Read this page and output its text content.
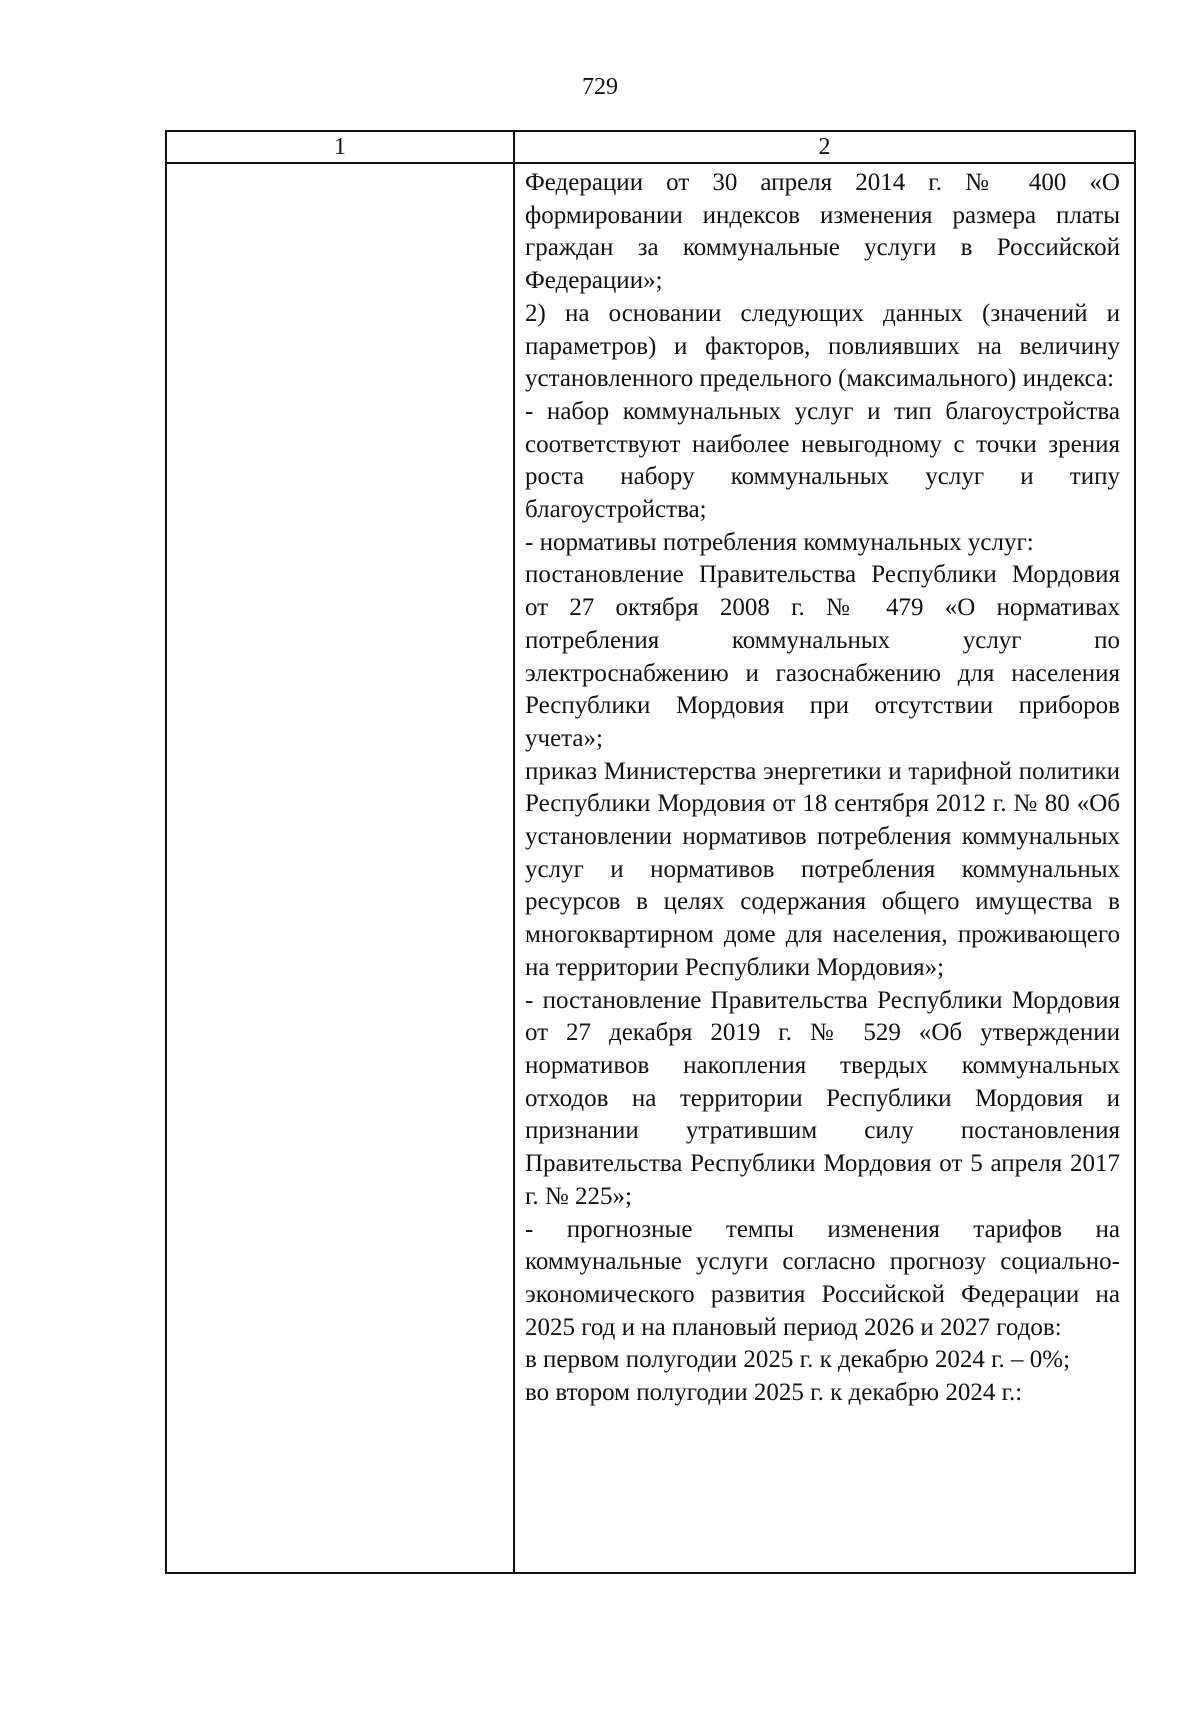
729
1	2

Федерации от 30 апреля 2014 г. № 400 «О формировании индексов изменения размера платы граждан за коммунальные услуги в Российской Федерации»;

2) на основании следующих данных (значений и параметров) и факторов, повлиявших на величину установленного предельного (максимального) индекса:

- набор коммунальных услуг и тип благоустройства соответствуют наиболее невыгодному с точки зрения роста набору коммунальных услуг и типу благоустройства;

- нормативы потребления коммунальных услуг:

постановление Правительства Республики Мордовия от 27 октября 2008 г. № 479 «О нормативах потребления коммунальных услуг по электроснабжению и газоснабжению для населения Республики Мордовия при отсутствии приборов учета»;

приказ Министерства энергетики и тарифной политики Республики Мордовия от 18 сентября 2012 г. № 80 «Об установлении нормативов потребления коммунальных услуг и нормативов потребления коммунальных ресурсов в целях содержания общего имущества в многоквартирном доме для населения, проживающего на территории Республики Мордовия»;

- постановление Правительства Республики Мордовия от 27 декабря 2019 г. № 529 «Об утверждении нормативов накопления твердых коммунальных отходов на территории Республики Мордовия и признании утратившим силу постановления Правительства Республики Мордовия от 5 апреля 2017 г. № 225»;

- прогнозные темпы изменения тарифов на коммунальные услуги согласно прогнозу социально-экономического развития Российской Федерации на 2025 год и на плановый период 2026 и 2027 годов:

в первом полугодии 2025 г. к декабрю 2024 г. – 0%;

во втором полугодии 2025 г. к декабрю 2024 г.:
